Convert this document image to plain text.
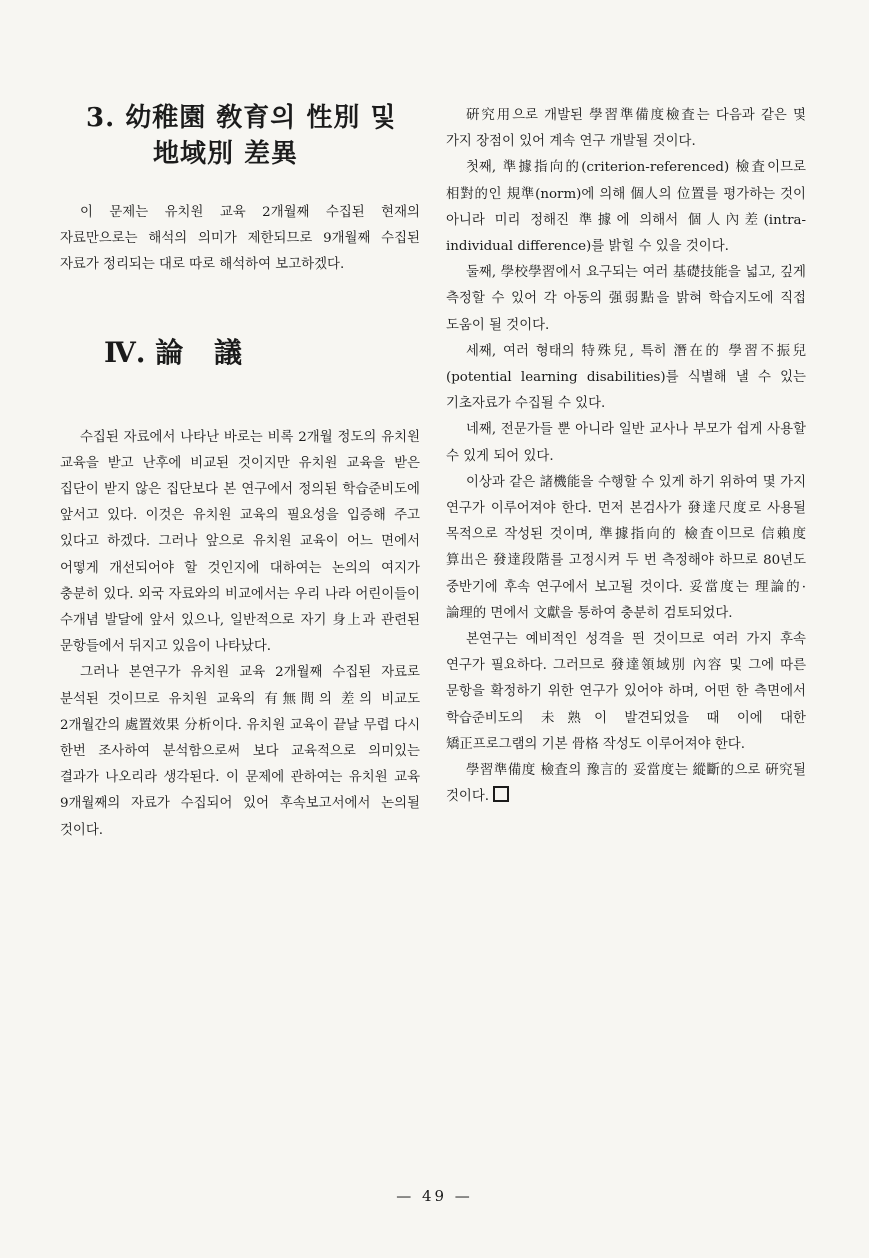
3. 幼稚園 敎育의 性別 및
地域別 差異

이 문제는 유치원 교육 2개월째 수집된 현재의 자료만으로는 해석의 의미가 제한되므로 9개월째 수집된 자료가 정리되는 대로 따로 해석하여 보고하겠다.

Ⅳ. 論 議

수집된 자료에서 나타난 바로는 비록 2개월 정도의 유치원 교육을 받고 난후에 비교된 것이지만 유치원 교육을 받은 집단이 받지 않은 집단보다 본 연구에서 정의된 학습준비도에 앞서고 있다. 이것은 유치원 교육의 필요성을 입증해 주고 있다고 하겠다. 그러나 앞으로 유치원 교육이 어느 면에서 어떻게 개선되어야 할 것인지에 대하여는 논의의 여지가 충분히 있다. 외국 자료와의 비교에서는 우리 나라 어린이들이 수개념 발달에 앞서 있으나, 일반적으로 자기 身上과 관련된 문항들에서 뒤지고 있음이 나타났다.

그러나 본연구가 유치원 교육 2개월째 수집된 자료로 분석된 것이므로 유치원 교육의 有無間의 差의 비교도 2개월간의 處置效果 分析이다. 유치원 교육이 끝날 무렵 다시 한번 조사하여 분석함으로써 보다 교육적으로 의미있는 결과가 나오리라 생각된다. 이 문제에 관하여는 유치원 교육 9개월째의 자료가 수집되어 있어 후속보고서에서 논의될 것이다.

硏究用으로 개발된 學習準備度檢査는 다음과 같은 몇 가지 장점이 있어 계속 연구 개발될 것이다.

첫째, 準據指向的(criterion-referenced) 檢査이므로 相對的인 規準(norm)에 의해 個人의 位置를 평가하는 것이 아니라 미리 정해진 準據에 의해서 個人內差(intra-individual difference)를 밝힐 수 있을 것이다.

둘째, 學校學習에서 요구되는 여러 基礎技能을 넓고, 깊게 측정할 수 있어 각 아동의 强弱點을 밝혀 학습지도에 직접 도움이 될 것이다.

세째, 여러 형태의 特殊兒, 특히 潛在的 學習不振兒(potential learning disabilities)를 식별해 낼 수 있는 기초자료가 수집될 수 있다.

네째, 전문가들 뿐 아니라 일반 교사나 부모가 쉽게 사용할 수 있게 되어 있다.

이상과 같은 諸機能을 수행할 수 있게 하기 위하여 몇 가지 연구가 이루어져야 한다. 먼저 본검사가 發達尺度로 사용될 목적으로 작성된 것이며, 準據指向的 檢査이므로 信賴度 算出은 發達段階를 고정시켜 두 번 측정해야 하므로 80년도 중반기에 후속 연구에서 보고될 것이다. 妥當度는 理論的·論理的 면에서 文獻을 통하여 충분히 검토되었다.

본연구는 예비적인 성격을 띈 것이므로 여러 가지 후속 연구가 필요하다. 그러므로 發達領域別 內容 및 그에 따른 문항을 확정하기 위한 연구가 있어야 하며, 어떤 한 측면에서 학습준비도의 未熟이 발견되었을 때 이에 대한 矯正프로그램의 기본 骨格 작성도 이루어져야 한다.

學習準備度 檢査의 豫言的 妥當度는 縱斷的으로 硏究될 것이다.

— 49 —
